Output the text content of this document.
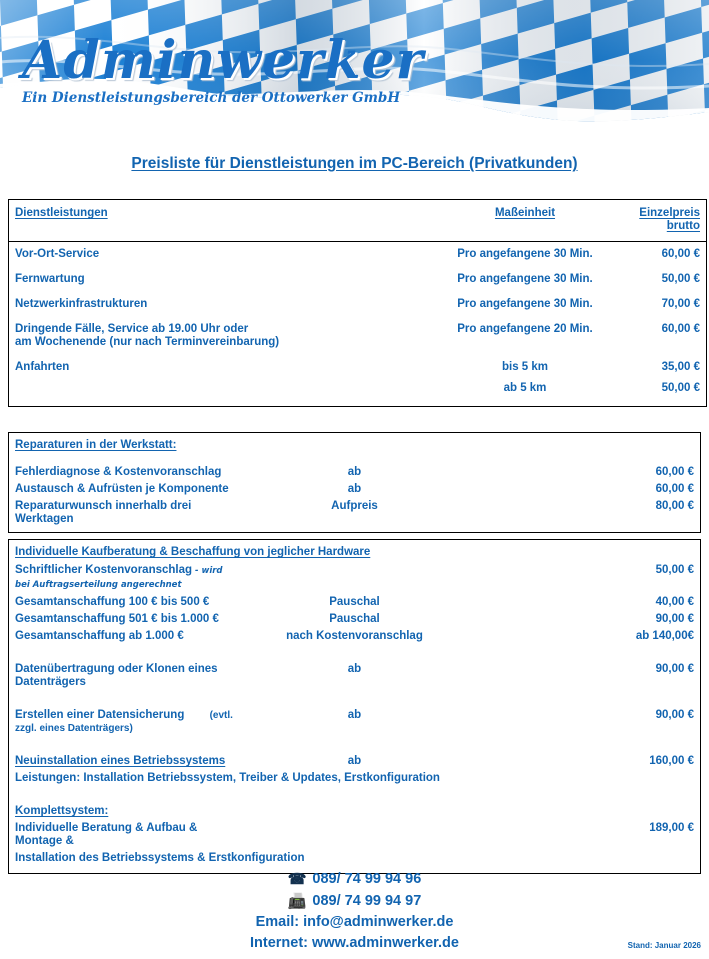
Adminwerker
Ein Dienstleistungsbereich der Ottowerker GmbH
Preisliste für Dienstleistungen im PC-Bereich (Privatkunden)
Dienstleistungen	Maßeinheit	Einzelpreis brutto

Vor-Ort-Service	Pro angefangene 30 Min.	60,00 €
Fernwartung	Pro angefangene 30 Min.	50,00 €
Netzwerkinfrastrukturen	Pro angefangene 30 Min.	70,00 €

Dringende Fälle, Service ab 19.00 Uhr oder
am Wochenende (nur nach Terminvereinbarung)	Pro angefangene 20 Min.	60,00 €
Anfahrten	bis 5 km	35,00 €
	ab 5 km	50,00 €

Reparaturen in der Werkstatt:		

Fehlerdiagnose & Kostenvoranschlag	ab	60,00 €
Austausch & Aufrüsten je Komponente	ab	60,00 €
Reparaturwunsch innerhalb drei Werktagen	Aufpreis	80,00 €

Individuelle Kaufberatung & Beschaffung von jeglicher Hardware		
Schriftlicher Kostenvoranschlag - wird bei Auftragserteilung angerechnet		50,00 €
Gesamtanschaffung 100 € bis 500 €	Pauschal	40,00 €
Gesamtanschaffung 501 € bis 1.000 €	Pauschal	90,00 €
Gesamtanschaffung ab 1.000 €	nach Kostenvoranschlag	ab 140,00€

Datenübertragung oder Klonen eines Datenträgers	ab	90,00 €

Erstellen einer Datensicherung (evtl. zzgl. eines Datenträgers)	ab	90,00 €

Neuinstallation eines Betriebssystems	ab	160,00 €
Leistungen: Installation Betriebssystem, Treiber & Updates, Erstkonfiguration		

Komplettsystem:		
Individuelle Beratung & Aufbau & Montage &		189,00 €
Installation des Betriebssystems & Erstkonfiguration		

☎ 089/ 74 99 94 96
📠 089/ 74 99 94 97
Email: info@adminwerker.de
Internet: www.adminwerker.de	Stand: Januar 2026
